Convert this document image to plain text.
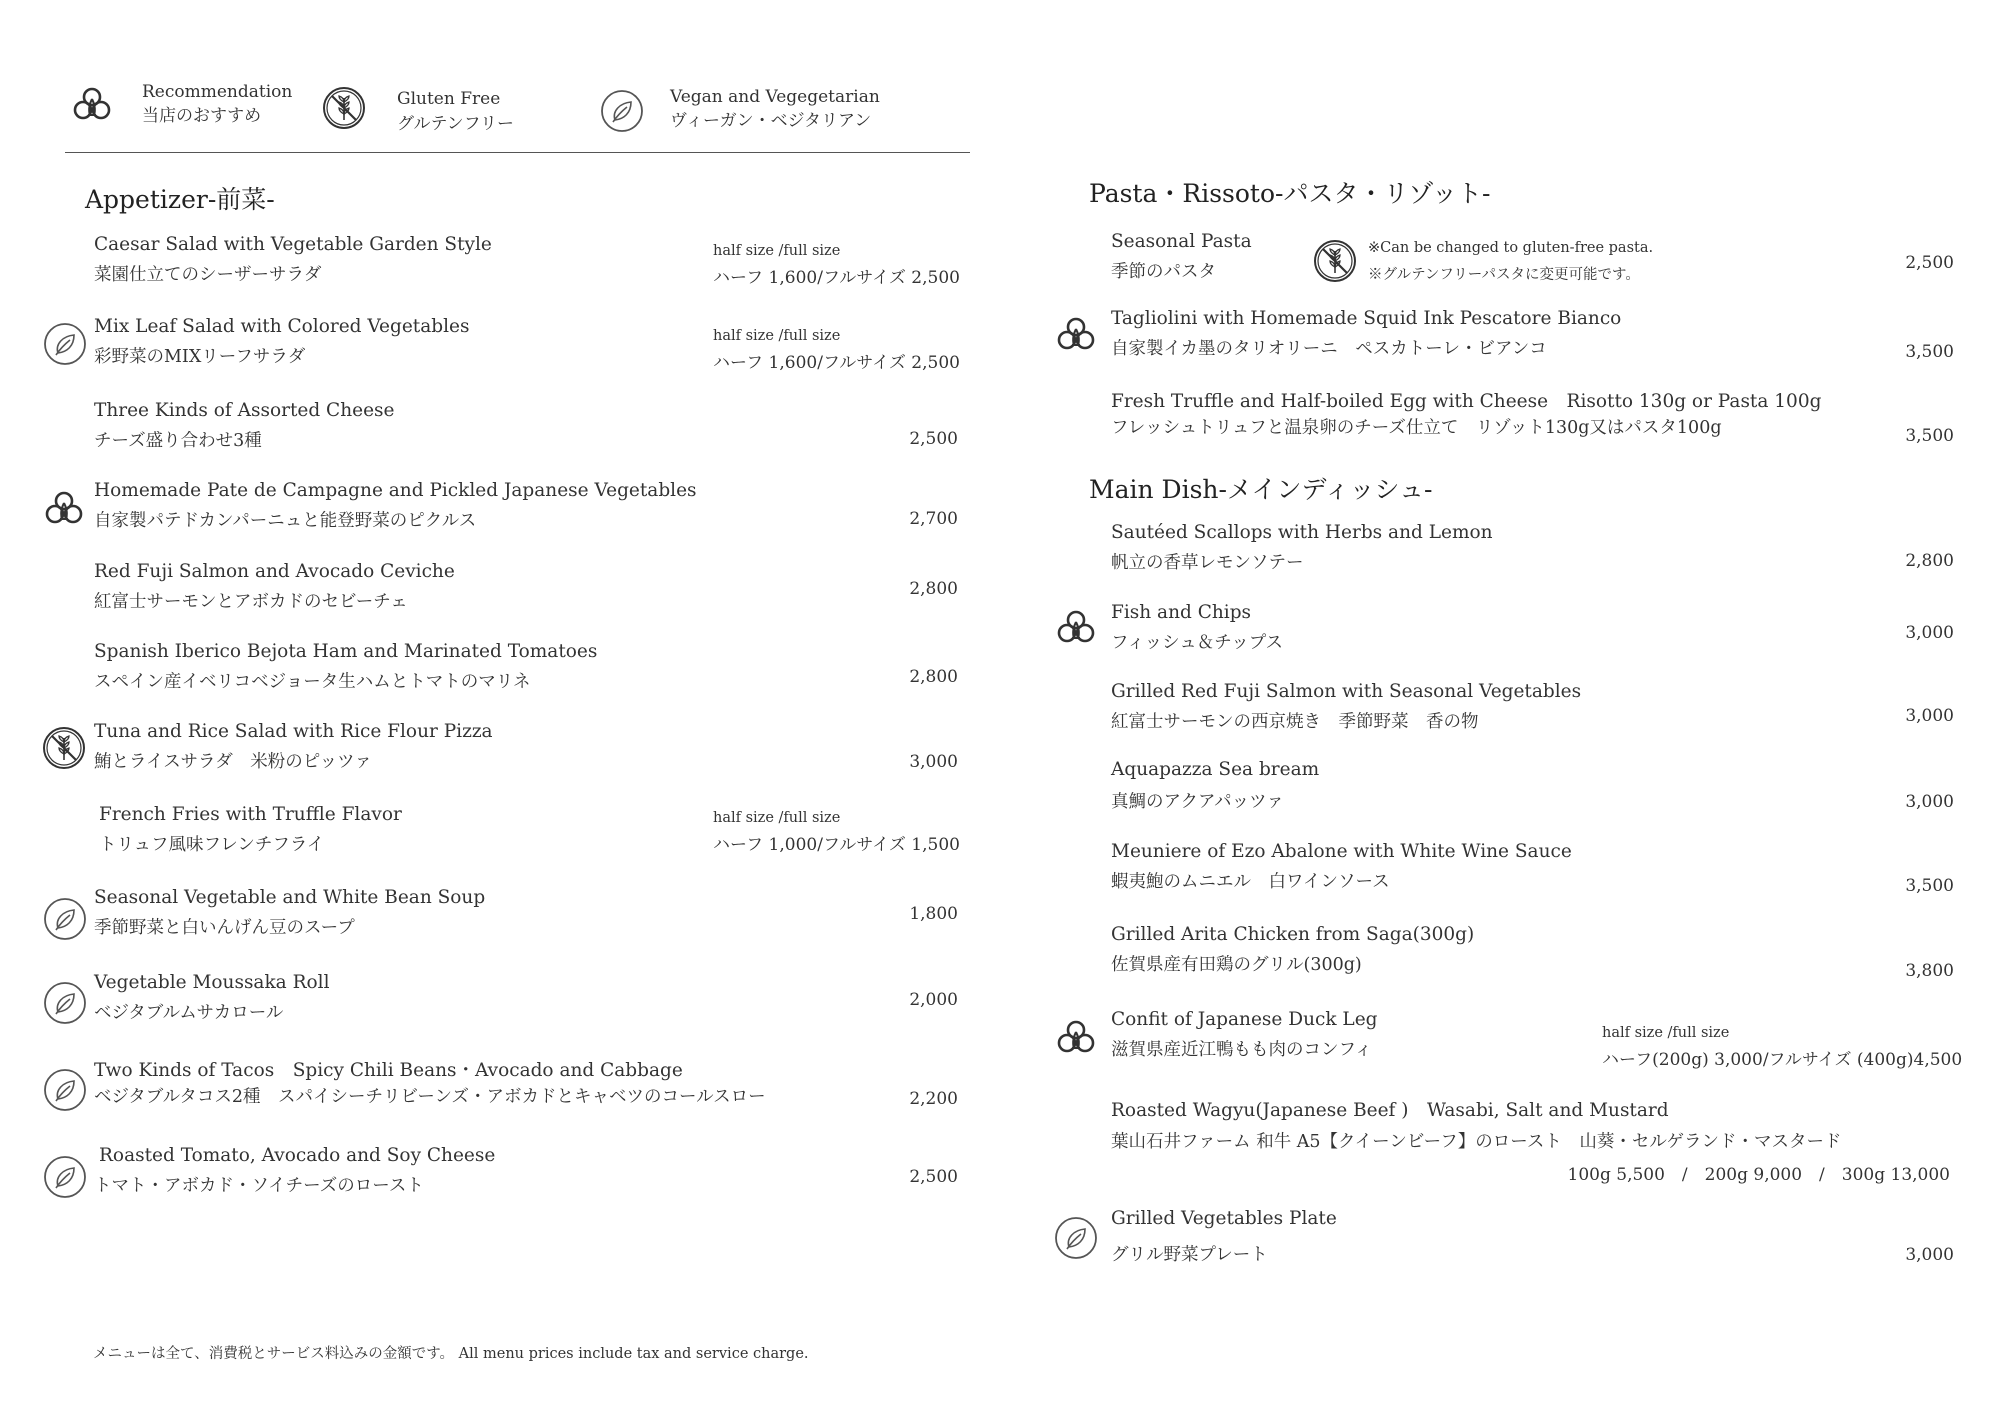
Recommendation
当店のおすすめ
Gluten Free
グルテンフリー
Vegan and Vegegetarian
ヴィーガン・ベジタリアン
Appetizer-前菜-
Caesar Salad with Vegetable Garden Style
菜園仕立てのシーザーサラダ
half size /full size
ハーフ 1,600/フルサイズ 2,500
Mix Leaf Salad with Colored Vegetables
彩野菜のMIXリーフサラダ
half size /full size
ハーフ 1,600/フルサイズ 2,500
Three Kinds of Assorted Cheese
チーズ盛り合わせ3種	2,500
Homemade Pate de Campagne and Pickled Japanese Vegetables
自家製パテドカンパーニュと能登野菜のピクルス	2,700
Red Fuji Salmon and Avocado Ceviche
紅富士サーモンとアボカドのセビーチェ
2,800
Spanish Iberico Bejota Ham and Marinated Tomatoes
スペイン産イベリコベジョータ生ハムとトマトのマリネ	2,800
Tuna and Rice Salad with Rice Flour Pizza
鮪とライスサラダ　米粉のピッツァ	3,000
French Fries with Truffle Flavor
トリュフ風味フレンチフライ
half size /full size
ハーフ 1,000/フルサイズ 1,500
Seasonal Vegetable and White Bean Soup
季節野菜と白いんげん豆のスープ
1,800
Vegetable Moussaka Roll
ベジタブルムサカロール
2,000
Two Kinds of Tacos　Spicy Chili Beans・Avocado and Cabbage
ベジタブルタコス2種　スパイシーチリビーンズ・アボカドとキャベツのコールスロー	2,200
Roasted Tomato, Avocado and Soy Cheese
トマト・アボカド・ソイチーズのロースト	2,500
Pasta・Rissoto-パスタ・リゾット-
Seasonal Pasta
季節のパスタ
※Can be changed to gluten-free pasta.
※グルテンフリーパスタに変更可能です。
2,500
Tagliolini with Homemade Squid Ink Pescatore Bianco
自家製イカ墨のタリオリーニ　ペスカトーレ・ビアンコ	3,500
Fresh Truffle and Half-boiled Egg with Cheese　Risotto 130g or Pasta 100g
フレッシュトリュフと温泉卵のチーズ仕立て　リゾット130g又はパスタ100g	3,500
Main Dish-メインディッシュ-
Sautéed Scallops with Herbs and Lemon
帆立の香草レモンソテー	2,800
Fish and Chips
フィッシュ＆チップス	3,000
Grilled Red Fuji Salmon with Seasonal Vegetables
紅富士サーモンの西京焼き　季節野菜　香の物	3,000
Aquapazza Sea bream
真鯛のアクアパッツァ	3,000
Meuniere of Ezo Abalone with White Wine Sauce
蝦夷鮑のムニエル　白ワインソース	3,500
Grilled Arita Chicken from Saga(300g)
佐賀県産有田鶏のグリル(300g)	3,800
Confit of Japanese Duck Leg
滋賀県産近江鴨もも肉のコンフィ
half size /full size
ハーフ(200g) 3,000/フルサイズ (400g)4,500
Roasted Wagyu(Japanese Beef )　Wasabi, Salt and Mustard
葉山石井ファーム 和牛 A5【クイーンビーフ】のロースト　山葵・セルゲランド・マスタード
100g 5,500　/　200g 9,000　/　300g 13,000
Grilled Vegetables Plate
グリル野菜プレート	3,000
メニューは全て、消費税とサービス料込みの金額です。 All menu prices include tax and service charge.
